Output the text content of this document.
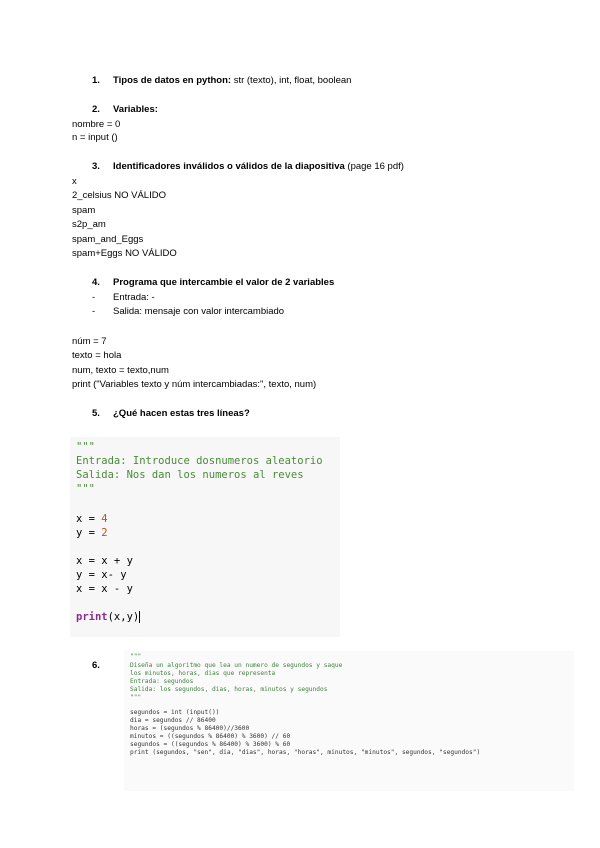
1. Tipos de datos en python: str (texto), int, float, boolean
2. Variables:
nombre = 0
n = input ()
3. Identificadores inválidos o válidos de la diapositiva (page 16 pdf)
x
2_celsius NO VÁLIDO
spam
s2p_am
spam_and_Eggs
spam+Eggs NO VÁLIDO
4. Programa que intercambie el valor de 2 variables
- Entrada: -
- Salida: mensaje con valor intercambiado
núm = 7
texto = hola
num, texto = texto,num
print ("Variables texto y núm intercambiadas:", texto, num)
5. ¿Qué hacen estas tres líneas?
"""
Entrada: Introduce dosnumeros aleatorio
Salida: Nos dan los numeros al reves
"""
x = 4
y = 2
x = x + y
y = x- y
x = x - y
print(x,y)
6.
"""
Diseña un algoritmo que lea un numero de segundos y saque
los minutos, horas, dias que representa
Entrada: segundos
Salida: los segundos, dias, horas, minutos y segundos
"""
segundos = int (input())
dia = segundos // 86400
horas = (segundos % 86400)//3600
minutos = ((segundos % 86400) % 3600) // 60
segundos = ((segundos % 86400) % 3600) % 60
print (segundos, "sen", dia, "dias", horas, "horas", minutos, "minutos", segundos, "segundos")
